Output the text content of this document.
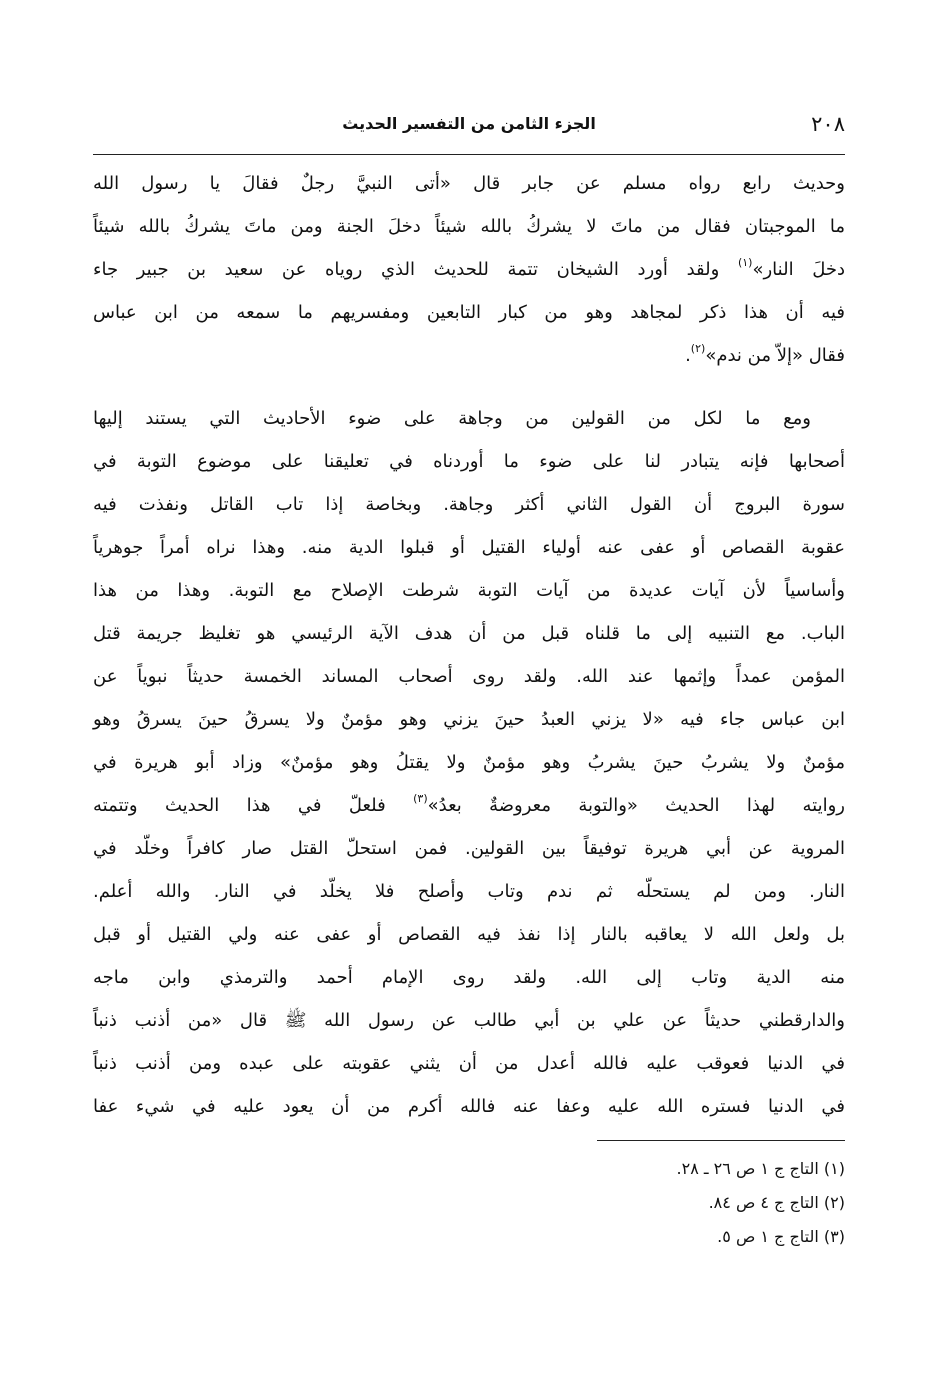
٢٠٨
الجزء الثامن من التفسير الحديث
وحديث رابع رواه مسلم عن جابر قال «أتى النبيَّ رجلٌ فقالَ يا رسول الله
ما الموجبتان فقال من ماتَ لا يشركُ بالله شيئاً دخلَ الجنة ومن ماتَ يشركُ بالله شيئاً
دخلَ النار»$^{(١)}$ ولقد أورد الشيخان تتمة للحديث الذي روياه عن سعيد بن جبير جاء
فيه أن هذا ذكر لمجاهد وهو من كبار التابعين ومفسريهم ما سمعه من ابن عباس
فقال «إلاّ من ندم»$^{(٢)}$.
ومع ما لكل من القولين من وجاهة على ضوء الأحاديث التي يستند إليها
أصحابها فإنه يتبادر لنا على ضوء ما أوردناه في تعليقنا على موضوع التوبة في
سورة البروج أن القول الثاني أكثر وجاهة. وبخاصة إذا تاب القاتل ونفذت فيه
عقوبة القصاص أو عفى عنه أولياء القتيل أو قبلوا الدية منه. وهذا نراه أمراً جوهرياً
وأساسياً لأن آيات عديدة من آيات التوبة شرطت الإصلاح مع التوبة. وهذا من هذا
الباب. مع التنبيه إلى ما قلناه قبل من أن هدف الآية الرئيسي هو تغليظ جريمة قتل
المؤمن عمداً وإثمها عند الله. ولقد روى أصحاب المساند الخمسة حديثاً نبوياً عن
ابن عباس جاء فيه «لا يزني العبدُ حينَ يزني وهو مؤمنٌ ولا يسرقُ حينَ يسرقُ وهو
مؤمنٌ ولا يشربُ حينَ يشربُ وهو مؤمنٌ ولا يقتلُ وهو مؤمنٌ» وزاد أبو هريرة في
روايته لهذا الحديث «والتوبة معروضةٌ بعدُ»$^{(٣)}$ فلعلّ في هذا الحديث وتتمته
المروية عن أبي هريرة توفيقاً بين القولين. فمن استحلّ القتل صار كافراً وخلّد في
النار. ومن لم يستحلّه ثم ندم وتاب وأصلح فلا يخلّد في النار. والله أعلم.
بل ولعل الله لا يعاقبه بالنار إذا نفذ فيه القصاص أو عفى عنه ولي القتيل أو قبل
منه الدية وتاب إلى الله. ولقد روى الإمام أحمد والترمذي وابن ماجه
والدارقطني حديثاً عن علي بن أبي طالب عن رسول الله ﷺ قال «من أذنب ذنباً
في الدنيا فعوقب عليه فالله أعدل من أن يثني عقوبته على عبده ومن أذنب ذنباً
في الدنيا فستره الله عليه وعفا عنه فالله أكرم من أن يعود عليه في شيء عفا
(١) التاج ج ١ ص ٢٦ ـ ٢٨.
(٢) التاج ج ٤ ص ٨٤.
(٣) التاج ج ١ ص ٥.
